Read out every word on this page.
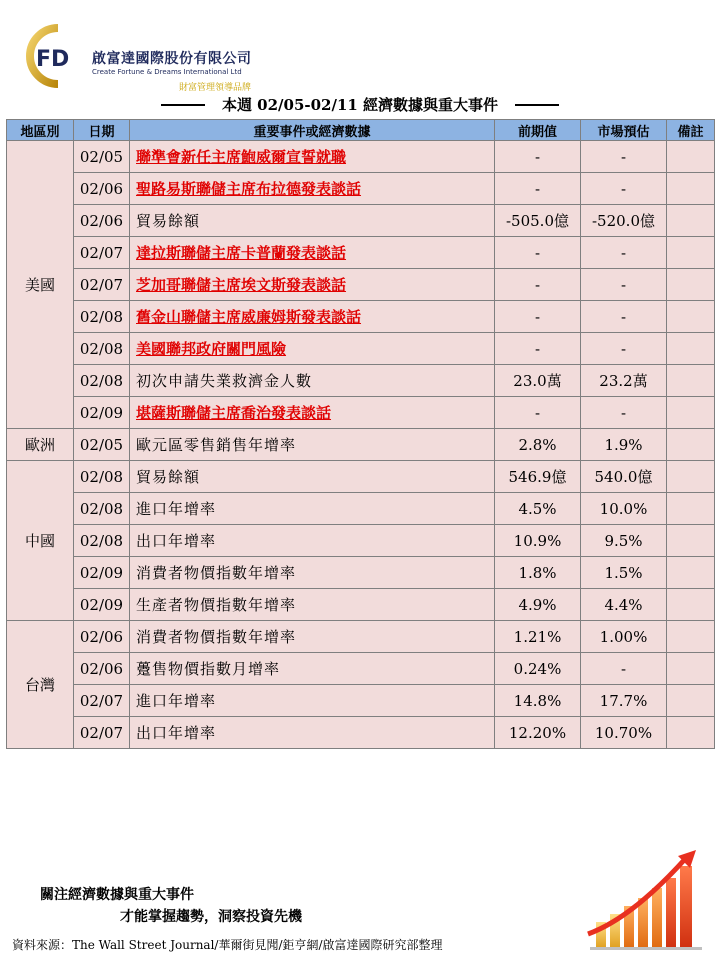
FD 啟富達國際股份有限公司
Create Fortune & Dreams International Ltd
財富管理領導品牌
本週 02/05-02/11 經濟數據與重大事件
地區別	日期	重要事件或經濟數據	前期值	市場預估	備註
美國	02/05	聯準會新任主席鮑威爾宣誓就職	-	-	
	02/06	聖路易斯聯儲主席布拉德發表談話	-	-	
	02/06	貿易餘額	-505.0億	-520.0億	
	02/07	達拉斯聯儲主席卡普蘭發表談話	-	-	
	02/07	芝加哥聯儲主席埃文斯發表談話	-	-	
	02/08	舊金山聯儲主席威廉姆斯發表談話	-	-	
	02/08	美國聯邦政府關門風險	-	-	
	02/08	初次申請失業救濟金人數	23.0萬	23.2萬	
	02/09	堪薩斯聯儲主席喬治發表談話	-	-	
歐洲	02/05	歐元區零售銷售年增率	2.8%	1.9%	
中國	02/08	貿易餘額	546.9億	540.0億	
	02/08	進口年增率	4.5%	10.0%	
	02/08	出口年增率	10.9%	9.5%	
	02/09	消費者物價指數年增率	1.8%	1.5%	
	02/09	生產者物價指數年增率	4.9%	4.4%	
台灣	02/06	消費者物價指數年增率	1.21%	1.00%	
	02/06	躉售物價指數月增率	0.24%	-	
	02/07	進口年增率	14.8%	17.7%	
	02/07	出口年增率	12.20%	10.70%	
關注經濟數據與重大事件
才能掌握趨勢，洞察投資先機
資料來源：The Wall Street Journal/華爾街見聞/鉅亨網/啟富達國際研究部整理
